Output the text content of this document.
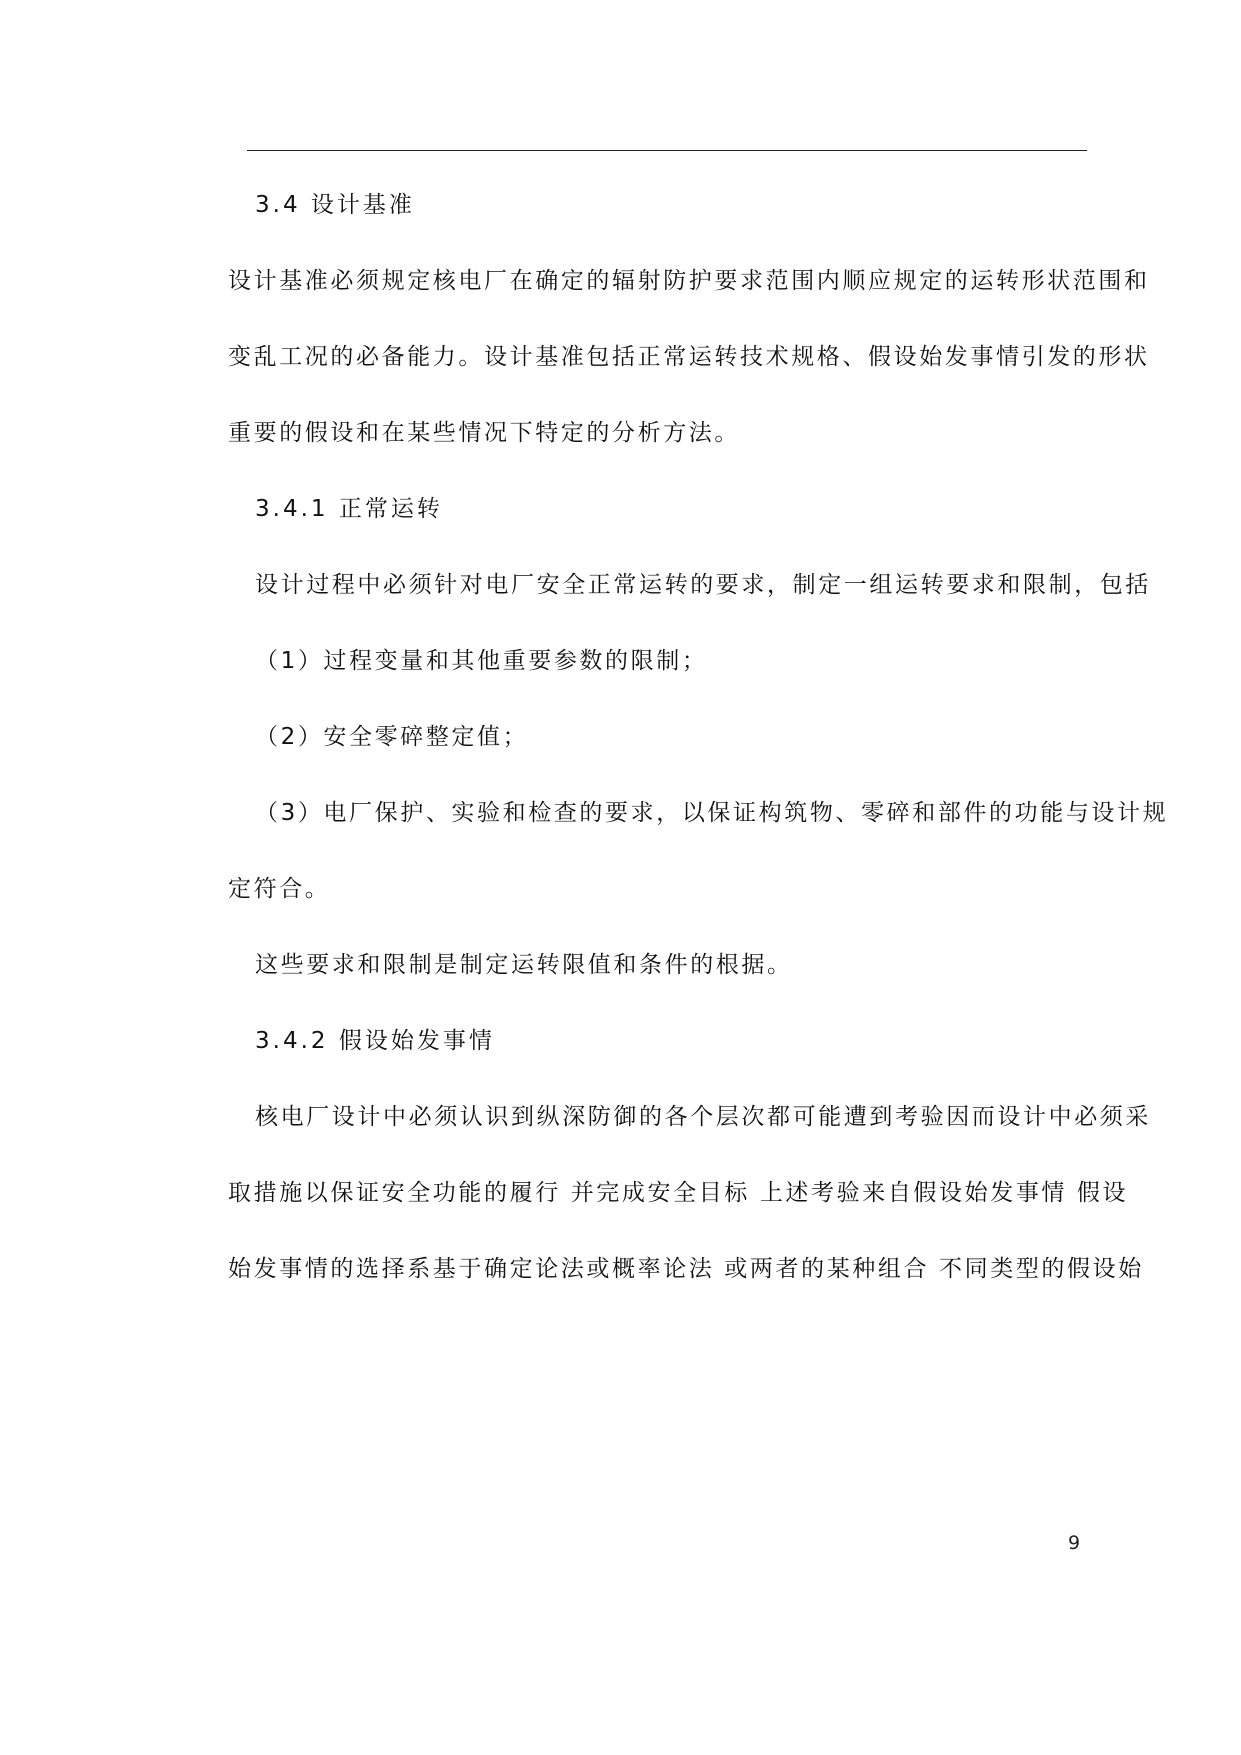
3.4 设计基准
设计基准必须规定核电厂在确定的辐射防护要求范围内顺应规定的运转形状范围和
变乱工况的必备能力。设计基准包括正常运转技术规格、假设始发事情引发的形状
重要的假设和在某些情况下特定的分析方法。
3.4.1 正常运转
设计过程中必须针对电厂安全正常运转的要求，制定一组运转要求和限制，包括
（1）过程变量和其他重要参数的限制；
（2）安全零碎整定值；
（3）电厂保护、实验和检查的要求，以保证构筑物、零碎和部件的功能与设计规
定符合。
这些要求和限制是制定运转限值和条件的根据。
3.4.2 假设始发事情
核电厂设计中必须认识到纵深防御的各个层次都可能遭到考验因而设计中必须采
取措施以保证安全功能的履行 并完成安全目标 上述考验来自假设始发事情 假设
始发事情的选择系基于确定论法或概率论法 或两者的某种组合 不同类型的假设始
9
